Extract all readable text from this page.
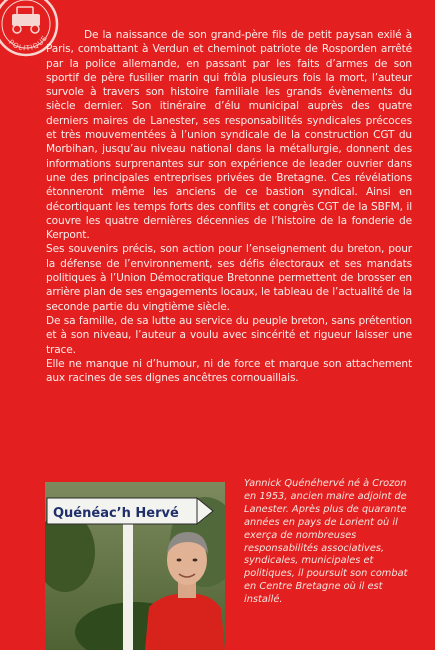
POLITIQUE	De la naissance de son grand-père fils de petit paysan exilé à Paris, combattant à Verdun et cheminot patriote de Rosporden arrêté par la police allemande, en passant par les faits d’armes de son sportif de père fusilier marin qui frôla plusieurs fois la mort, l’auteur survole à travers son histoire familiale les grands évènements du siècle dernier. Son itinéraire d’élu municipal auprès des quatre derniers maires de Lanester, ses responsabilités syndicales précoces et très mouvementées à l’union syndicale de la construction CGT du Morbihan, jusqu’au niveau national dans la métallurgie, donnent des informations surprenantes sur son expérience de leader ouvrier dans une des principales entreprises privées de Bretagne. Ces révélations étonneront même les anciens de ce bastion syndical. Ainsi en décortiquant les temps forts des conflits et congrès CGT de la SBFM, il couvre les quatre dernières décennies de l’histoire de la fonderie de Kerpont.

Ses souvenirs précis, son action pour l’enseignement du breton, pour la défense de l’environnement, ses défis électoraux et ses mandats politiques à l’Union Démocratique Bretonne permettent de brosser en arrière plan de ses engagements locaux, le tableau de l’actualité de la seconde partie du vingtième siècle.

De sa famille, de sa lutte au service du peuple breton, sans prétention et à son niveau, l’auteur a voulu avec sincérité et rigueur laisser une trace.

Elle ne manque ni d’humour, ni de force et marque son attachement aux racines de ses dignes ancêtres cornouaillais.

Quénéac’h Hervé
Yannick Quénéhervé né à Crozon en 1953, ancien maire adjoint de Lanester. Après plus de quarante années en pays de Lorient où il exerça de nombreuses responsabilités associatives, syndicales, municipales et politiques, il poursuit son combat en Centre Bretagne où il est installé.
